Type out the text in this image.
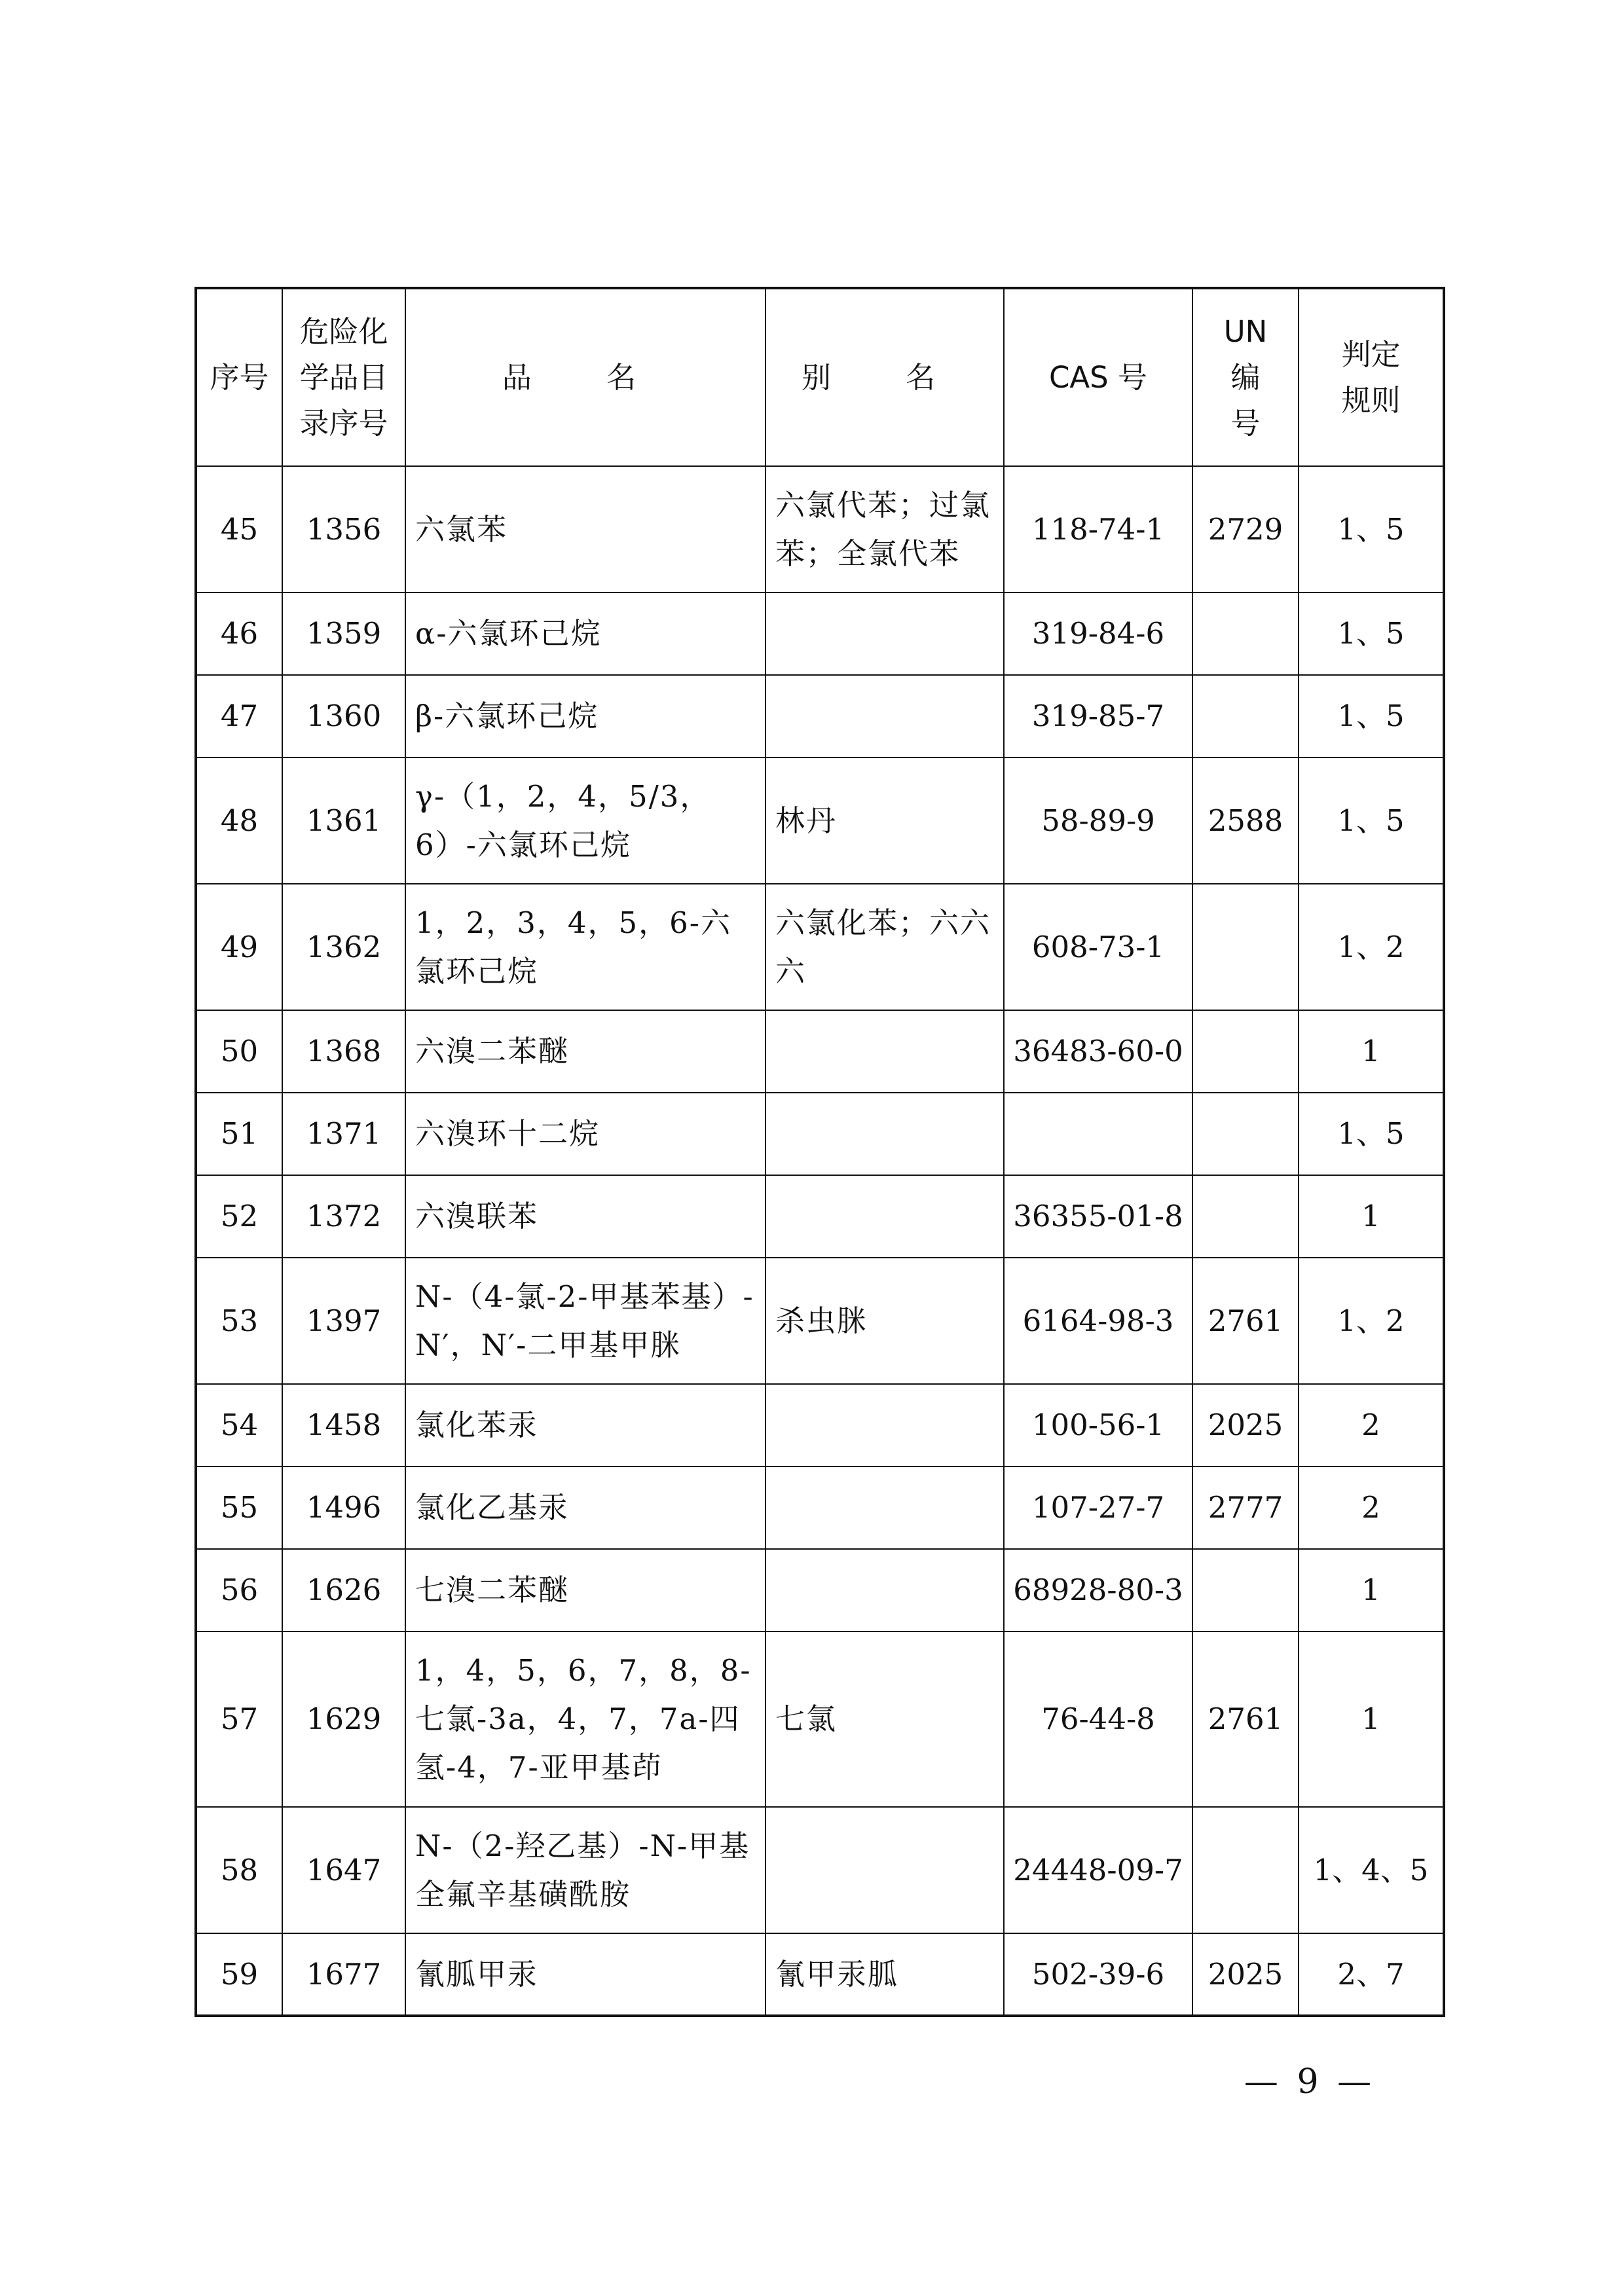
序号	危险化学品目录序号	品 名	别 名	CAS 号	UN编号	判定规则
45	1356	六氯苯	六氯代苯；过氯苯；全氯代苯	118-74-1	2729	1、5
46	1359	α-六氯环己烷		319-84-6		1、5
47	1360	β-六氯环己烷		319-85-7		1、5
48	1361	γ-（1，2，4，5/3，6）-六氯环己烷	林丹	58-89-9	2588	1、5
49	1362	1，2，3，4，5，6-六氯环己烷	六氯化苯；六六六	608-73-1		1、2
50	1368	六溴二苯醚		36483-60-0		1
51	1371	六溴环十二烷				1、5
52	1372	六溴联苯		36355-01-8		1
53	1397	N-（4-氯-2-甲基苯基）-N′，N′-二甲基甲脒	杀虫脒	6164-98-3	2761	1、2
54	1458	氯化苯汞		100-56-1	2025	2
55	1496	氯化乙基汞		107-27-7	2777	2
56	1626	七溴二苯醚		68928-80-3		1
57	1629	1，4，5，6，7，8，8-七氯-3a，4，7，7a-四氢-4，7-亚甲基茚	七氯	76-44-8	2761	1
58	1647	N-（2-羟乙基）-N-甲基全氟辛基磺酰胺		24448-09-7		1、4、5
59	1677	氰胍甲汞	氰甲汞胍	502-39-6	2025	2、7
— 9 —
